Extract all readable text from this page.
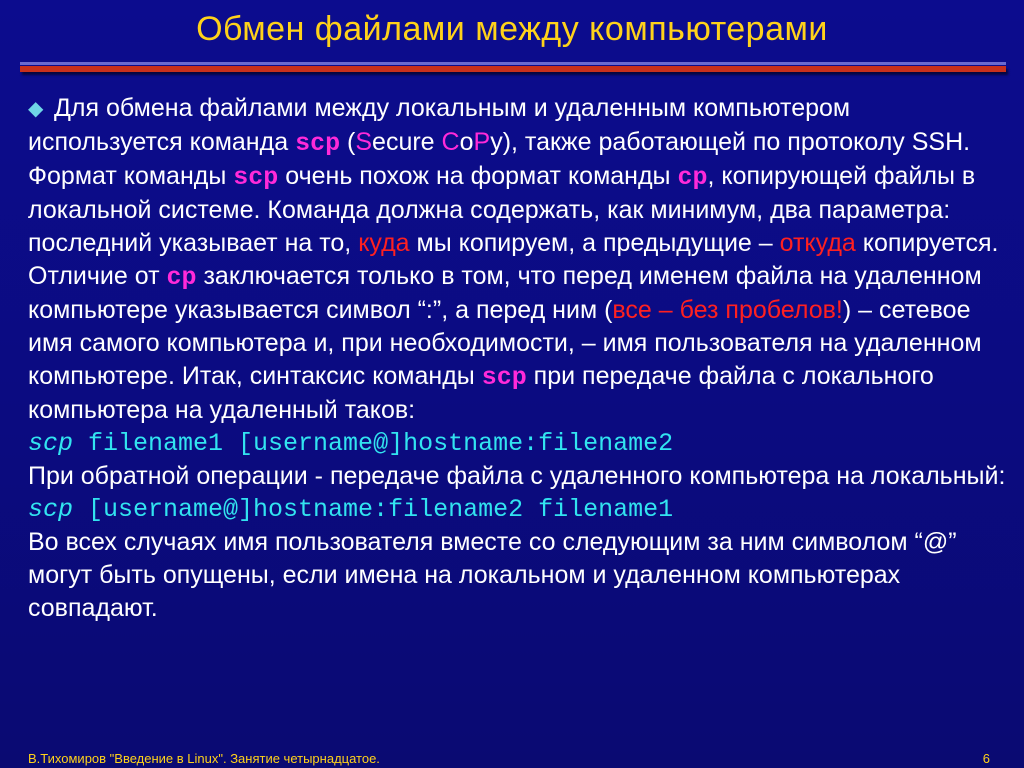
Обмен файлами между компьютерами

◆ Для обмена файлами между локальным и удаленным компьютером используется команда scp (Secure CoPy), также работающей по протоколу SSH. Формат команды scp очень похож на формат команды cp, копирующей файлы в локальной системе. Команда должна содержать, как минимум, два параметра: последний указывает на то, куда мы копируем, а предыдущие – откуда копируется. Отличие от cp заключается только в том, что перед именем файла на удаленном компьютере указывается символ “:”, а перед ним (все – без пробелов!) – сетевое имя самого компьютера и, при необходимости, – имя пользователя на удаленном компьютере. Итак, синтаксис команды scp при передаче файла с локального компьютера на удаленный таков:

scp filename1 [username@]hostname:filename2

При обратной операции - передаче файла с удаленного компьютера на локальный:

scp [username@]hostname:filename2 filename1

Во всех случаях имя пользователя вместе со следующим за ним символом “@” могут быть опущены, если имена на локальном и удаленном компьютерах совпадают.

В.Тихомиров "Введение в Linux". Занятие четырнадцатое.	6
